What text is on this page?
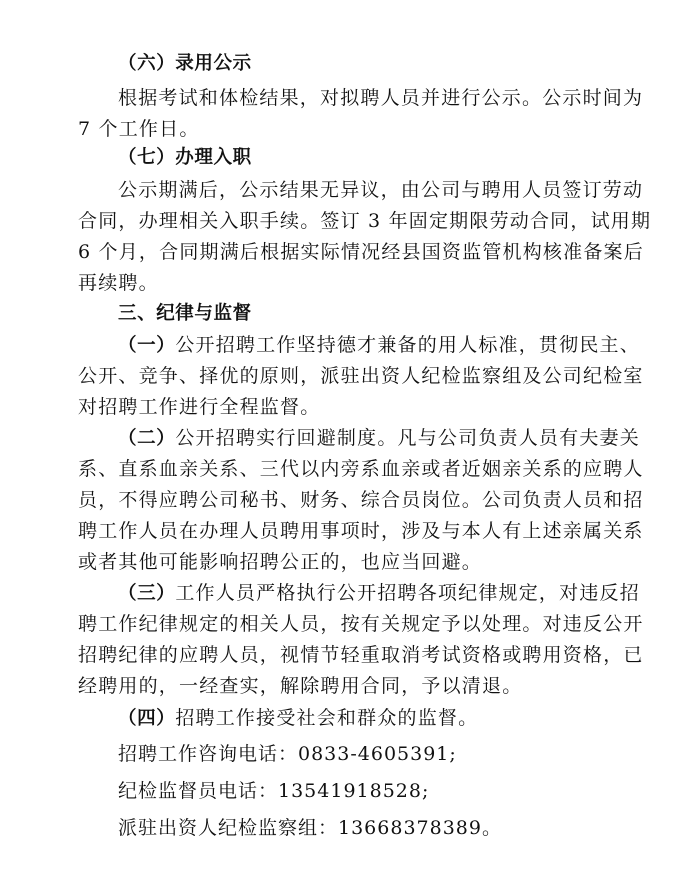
（六）录用公示
根据考试和体检结果，对拟聘人员并进行公示。公示时间为
7 个工作日。
（七）办理入职
公示期满后，公示结果无异议，由公司与聘用人员签订劳动
合同，办理相关入职手续。签订 3 年固定期限劳动合同，试用期
6 个月，合同期满后根据实际情况经县国资监管机构核准备案后
再续聘。
三、纪律与监督
（一）公开招聘工作坚持德才兼备的用人标准，贯彻民主、
公开、竞争、择优的原则，派驻出资人纪检监察组及公司纪检室
对招聘工作进行全程监督。
（二）公开招聘实行回避制度。凡与公司负责人员有夫妻关
系、直系血亲关系、三代以内旁系血亲或者近姻亲关系的应聘人
员，不得应聘公司秘书、财务、综合员岗位。公司负责人员和招
聘工作人员在办理人员聘用事项时，涉及与本人有上述亲属关系
或者其他可能影响招聘公正的，也应当回避。
（三）工作人员严格执行公开招聘各项纪律规定，对违反招
聘工作纪律规定的相关人员，按有关规定予以处理。对违反公开
招聘纪律的应聘人员，视情节轻重取消考试资格或聘用资格，已
经聘用的，一经查实，解除聘用合同，予以清退。
（四）招聘工作接受社会和群众的监督。
招聘工作咨询电话：0833-4605391;
纪检监督员电话：13541918528;
派驻出资人纪检监察组：13668378389。
